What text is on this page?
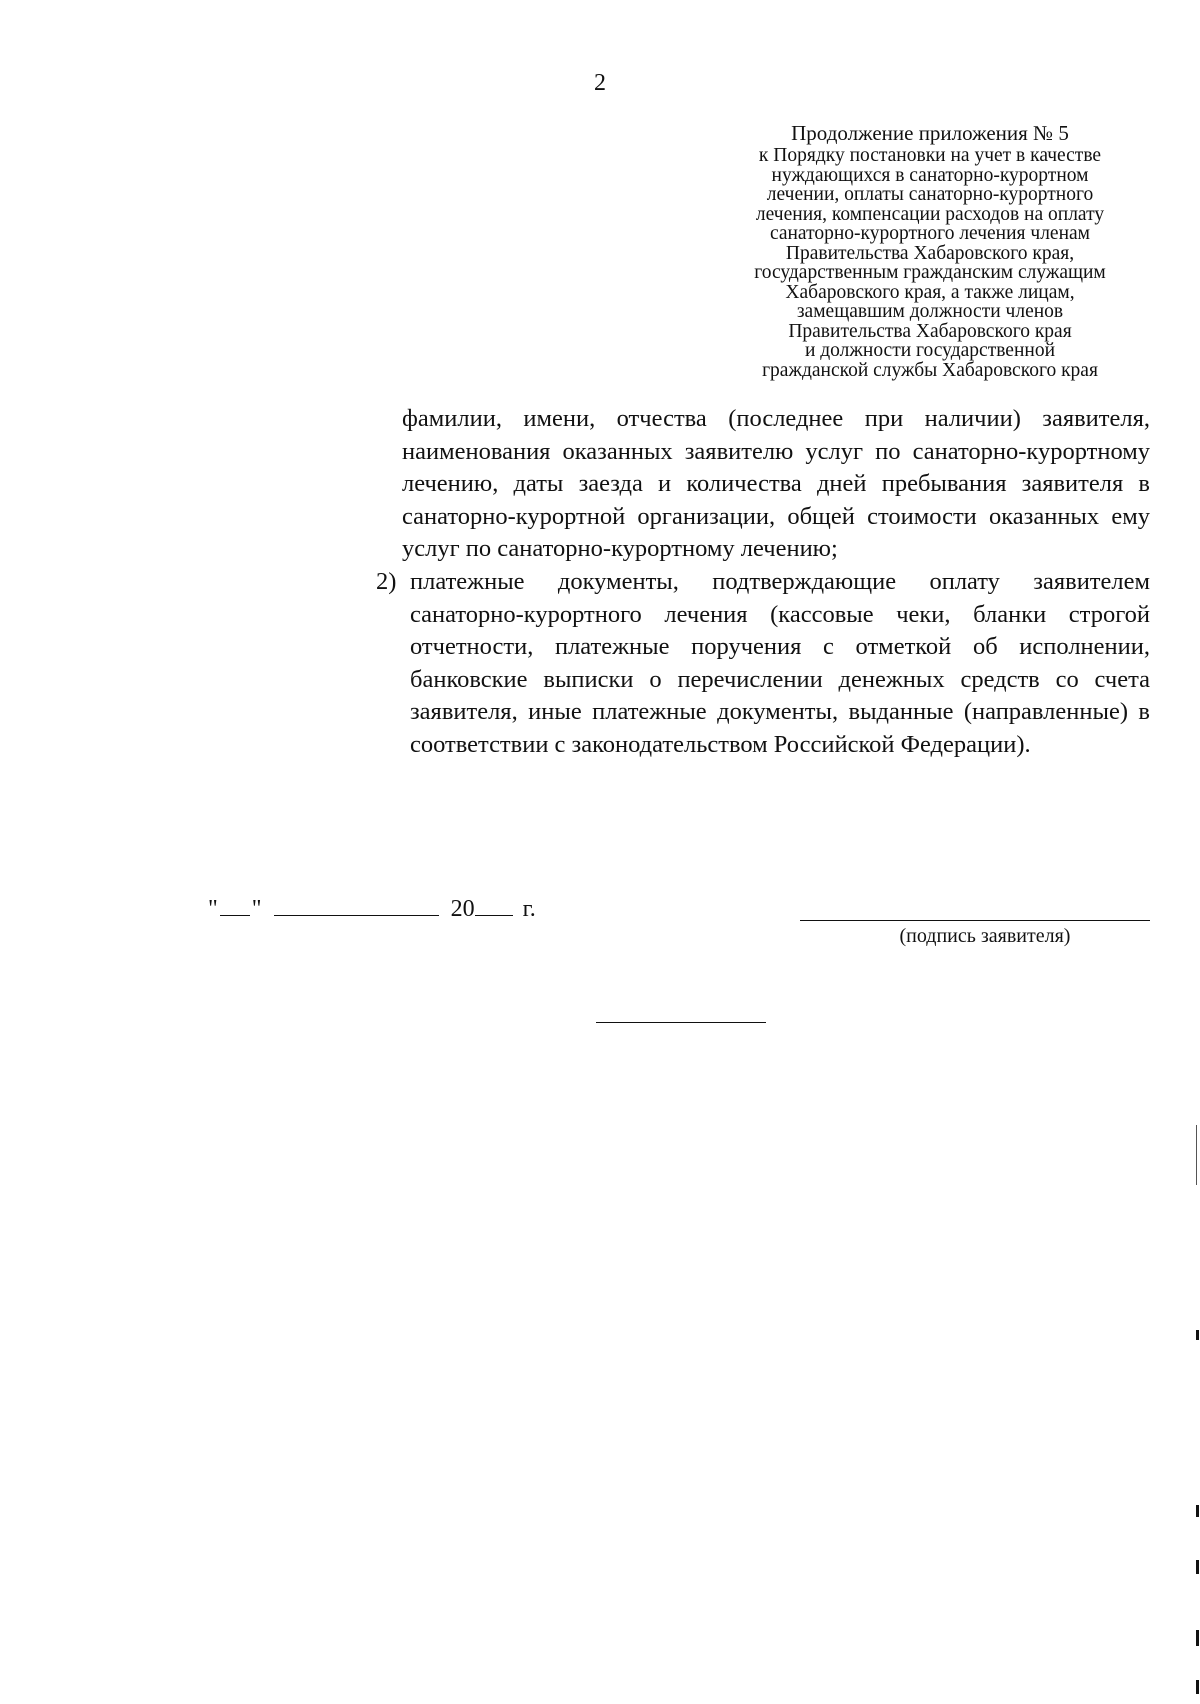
2
Продолжение приложения № 5
к Порядку постановки на учет в качестве
нуждающихся в санаторно-курортном
лечении, оплаты санаторно-курортного
лечения, компенсации расходов на оплату
санаторно-курортного лечения членам
Правительства Хабаровского края,
государственным гражданским служащим
Хабаровского края, а также лицам,
замещавшим должности членов
Правительства Хабаровского края
и должности государственной
гражданской службы Хабаровского края

фамилии, имени, отчества (последнее при наличии) заявителя, наименования оказанных заявителю услуг по санаторно-курортному лечению, даты заезда и количества дней пребывания заявителя в санаторно-курортной организации, общей стоимости оказанных ему услуг по санаторно-курортному лечению;

2) платежные документы, подтверждающие оплату заявителем санаторно-курортного лечения (кассовые чеки, бланки строгой отчетности, платежные поручения с отметкой об исполнении, банковские выписки о перечислении денежных средств со счета заявителя, иные платежные документы, выданные (направленные) в соответствии с законодательством Российской Федерации).
" "	20 г.
(подпись заявителя)
